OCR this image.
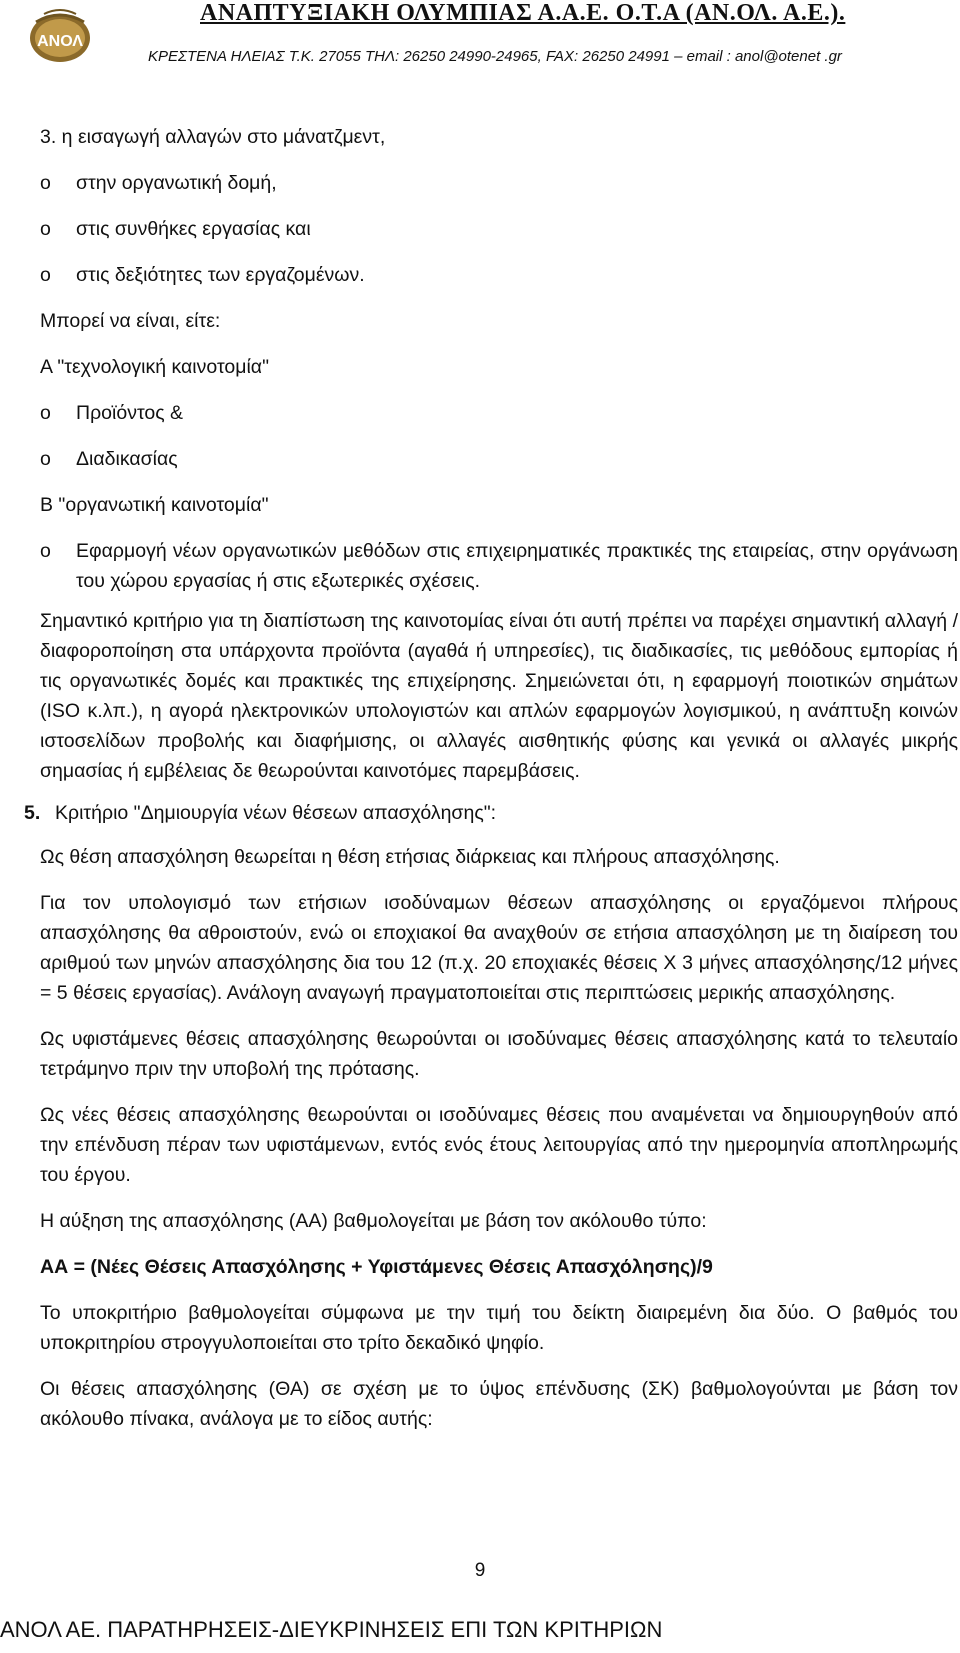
ΑΝΟΛ
ΑΝΑΠΤΥΞΙΑΚΗ ΟΛΥΜΠΙΑΣ Α.Α.Ε. Ο.Τ.Α (ΑΝ.ΟΛ. Α.Ε.).
ΚΡΕΣΤΕΝΑ ΗΛΕΙΑΣ Τ.Κ. 27055 ΤΗΛ: 26250 24990-24965, FAX: 26250 24991 – email : anol@otenet .gr

3. η εισαγωγή αλλαγών στο μάνατζμεντ,

o	στην οργανωτική δομή,
o	στις συνθήκες εργασίας και
o	στις δεξιότητες των εργαζομένων.

Μπορεί να είναι, είτε:

Α "τεχνολογική καινοτομία"

o	Προϊόντος &
o	Διαδικασίας

Β "οργανωτική καινοτομία"

o	Εφαρμογή νέων οργανωτικών μεθόδων στις επιχειρηματικές πρακτικές της εταιρείας, στην οργάνωση του χώρου εργασίας ή στις εξωτερικές σχέσεις.

Σημαντικό κριτήριο για τη διαπίστωση της καινοτομίας είναι ότι αυτή πρέπει να παρέχει σημαντική αλλαγή / διαφοροποίηση στα υπάρχοντα προϊόντα (αγαθά ή υπηρεσίες), τις διαδικασίες, τις μεθόδους εμπορίας ή τις οργανωτικές δομές και πρακτικές της επιχείρησης. Σημειώνεται ότι, η εφαρμογή ποιοτικών σημάτων (ISO κ.λπ.), η αγορά ηλεκτρονικών υπολογιστών και απλών εφαρμογών λογισμικού, η ανάπτυξη κοινών ιστοσελίδων προβολής και διαφήμισης, οι αλλαγές αισθητικής φύσης και γενικά οι αλλαγές μικρής σημασίας ή εμβέλειας δε θεωρούνται καινοτόμες παρεμβάσεις.

5. Κριτήριο "Δημιουργία νέων θέσεων απασχόλησης":

Ως θέση απασχόληση θεωρείται η θέση ετήσιας διάρκειας και πλήρους απασχόλησης.

Για τον υπολογισμό των ετήσιων ισοδύναμων θέσεων απασχόλησης οι εργαζόμενοι πλήρους απασχόλησης θα αθροιστούν, ενώ οι εποχιακοί θα αναχθούν σε ετήσια απασχόληση με τη διαίρεση του αριθμού των μηνών απασχόλησης δια του 12 (π.χ. 20 εποχιακές θέσεις Χ 3 μήνες απασχόλησης/12 μήνες = 5 θέσεις εργασίας). Ανάλογη αναγωγή πραγματοποιείται στις περιπτώσεις μερικής απασχόλησης.

Ως υφιστάμενες θέσεις απασχόλησης θεωρούνται οι ισοδύναμες θέσεις απασχόλησης κατά το τελευταίο τετράμηνο πριν την υποβολή της πρότασης.

Ως νέες θέσεις απασχόλησης θεωρούνται οι ισοδύναμες θέσεις που αναμένεται να δημιουργηθούν από την επένδυση πέραν των υφιστάμενων, εντός ενός έτους λειτουργίας από την ημερομηνία αποπληρωμής του έργου.

Η αύξηση της απασχόλησης (ΑΑ) βαθμολογείται με βάση τον ακόλουθο τύπο:

ΑΑ = (Νέες Θέσεις Απασχόλησης + Υφιστάμενες Θέσεις Απασχόλησης)/9

Το υποκριτήριο βαθμολογείται σύμφωνα με την τιμή του δείκτη διαιρεμένη δια δύο. Ο βαθμός του υποκριτηρίου στρογγυλοποιείται στο τρίτο δεκαδικό ψηφίο.

Οι θέσεις απασχόλησης (ΘΑ) σε σχέση με το ύψος επένδυσης (ΣΚ) βαθμολογούνται με βάση τον ακόλουθο πίνακα, ανάλογα με το είδος αυτής:

9
ΑΝΟΛ ΑΕ. ΠΑΡΑΤΗΡΗΣΕΙΣ-ΔΙΕΥΚΡΙΝΗΣΕΙΣ ΕΠΙ ΤΩΝ ΚΡΙΤΗΡΙΩΝ
